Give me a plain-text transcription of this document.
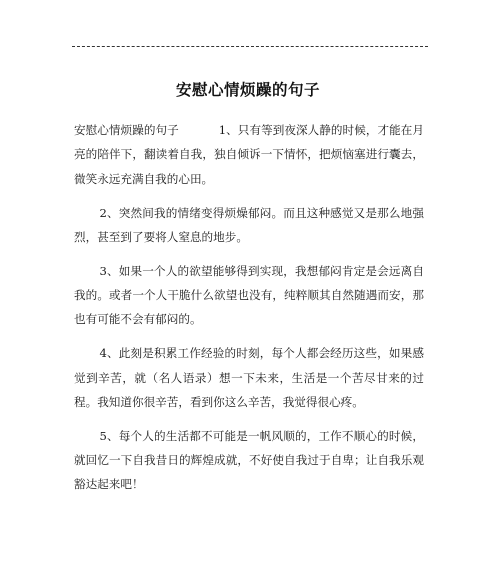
安慰心情烦躁的句子

安慰心情烦躁的句子	1、只有等到夜深人静的时候，才能在月亮的陪伴下，翻读着自我，独自倾诉一下情怀，把烦恼塞进行囊去，微笑永远充满自我的心田。

2、突然间我的情绪变得烦燥郁闷。而且这种感觉又是那么地强烈，甚至到了要将人窒息的地步。

3、如果一个人的欲望能够得到实现，我想郁闷肯定是会远离自我的。或者一个人干脆什么欲望也没有，纯粹顺其自然随遇而安，那也有可能不会有郁闷的。

4、此刻是积累工作经验的时刻，每个人都会经历这些，如果感觉到辛苦，就（名人语录）想一下未来，生活是一个苦尽甘来的过程。我知道你很辛苦，看到你这么辛苦，我觉得很心疼。

5、每个人的生活都不可能是一帆风顺的，工作不顺心的时候，就回忆一下自我昔日的辉煌成就，不好使自我过于自卑；让自我乐观豁达起来吧！
